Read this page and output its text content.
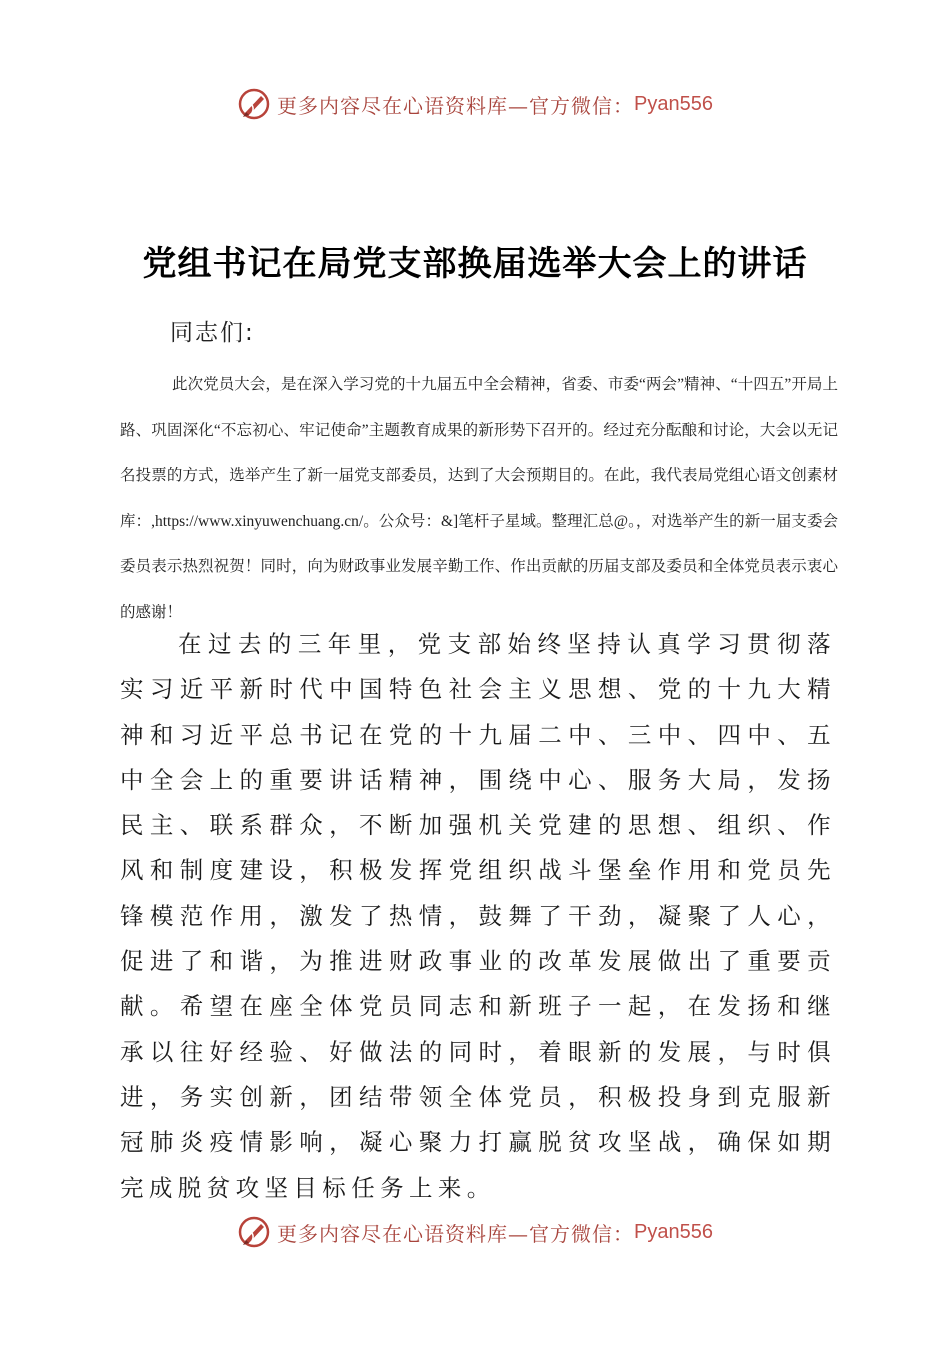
更多内容尽在心语资料库—官方微信： Pyan556
党组书记在局党支部换届选举大会上的讲话
同志们:
此次党员大会，是在深入学习党的十九届五中全会精神，省委、市委“两会”精神、“十四五”开局上路、巩固深化“不忘初心、牢记使命”主题教育成果的新形势下召开的。经过充分酝酿和讨论，大会以无记名投票的方式，选举产生了新一届党支部委员，达到了大会预期目的。在此，我代表局党组心语文创素材库：,https://www.xinyuwenchuang.cn/。公众号：&]笔杆子星域。整理汇总@。，对选举产生的新一届支委会委员表示热烈祝贺！同时，向为财政事业发展辛勤工作、作出贡献的历届支部及委员和全体党员表示衷心的感谢！
在过去的三年里，党支部始终坚持认真学习贯彻落实习近平新时代中国特色社会主义思想、党的十九大精神和习近平总书记在党的十九届二中、三中、四中、五中全会上的重要讲话精神，围绕中心、服务大局，发扬民主、联系群众，不断加强机关党建的思想、组织、作风和制度建设，积极发挥党组织战斗堡垒作用和党员先锋模范作用，激发了热情，鼓舞了干劲，凝聚了人心，促进了和谐，为推进财政事业的改革发展做出了重要贡献。希望在座全体党员同志和新班子一起，在发扬和继承以往好经验、好做法的同时，着眼新的发展，与时俱进，务实创新，团结带领全体党员，积极投身到克服新冠肺炎疫情影响，凝心聚力打赢脱贫攻坚战，确保如期完成脱贫攻坚目标任务上来。
更多内容尽在心语资料库—官方微信： Pyan556
